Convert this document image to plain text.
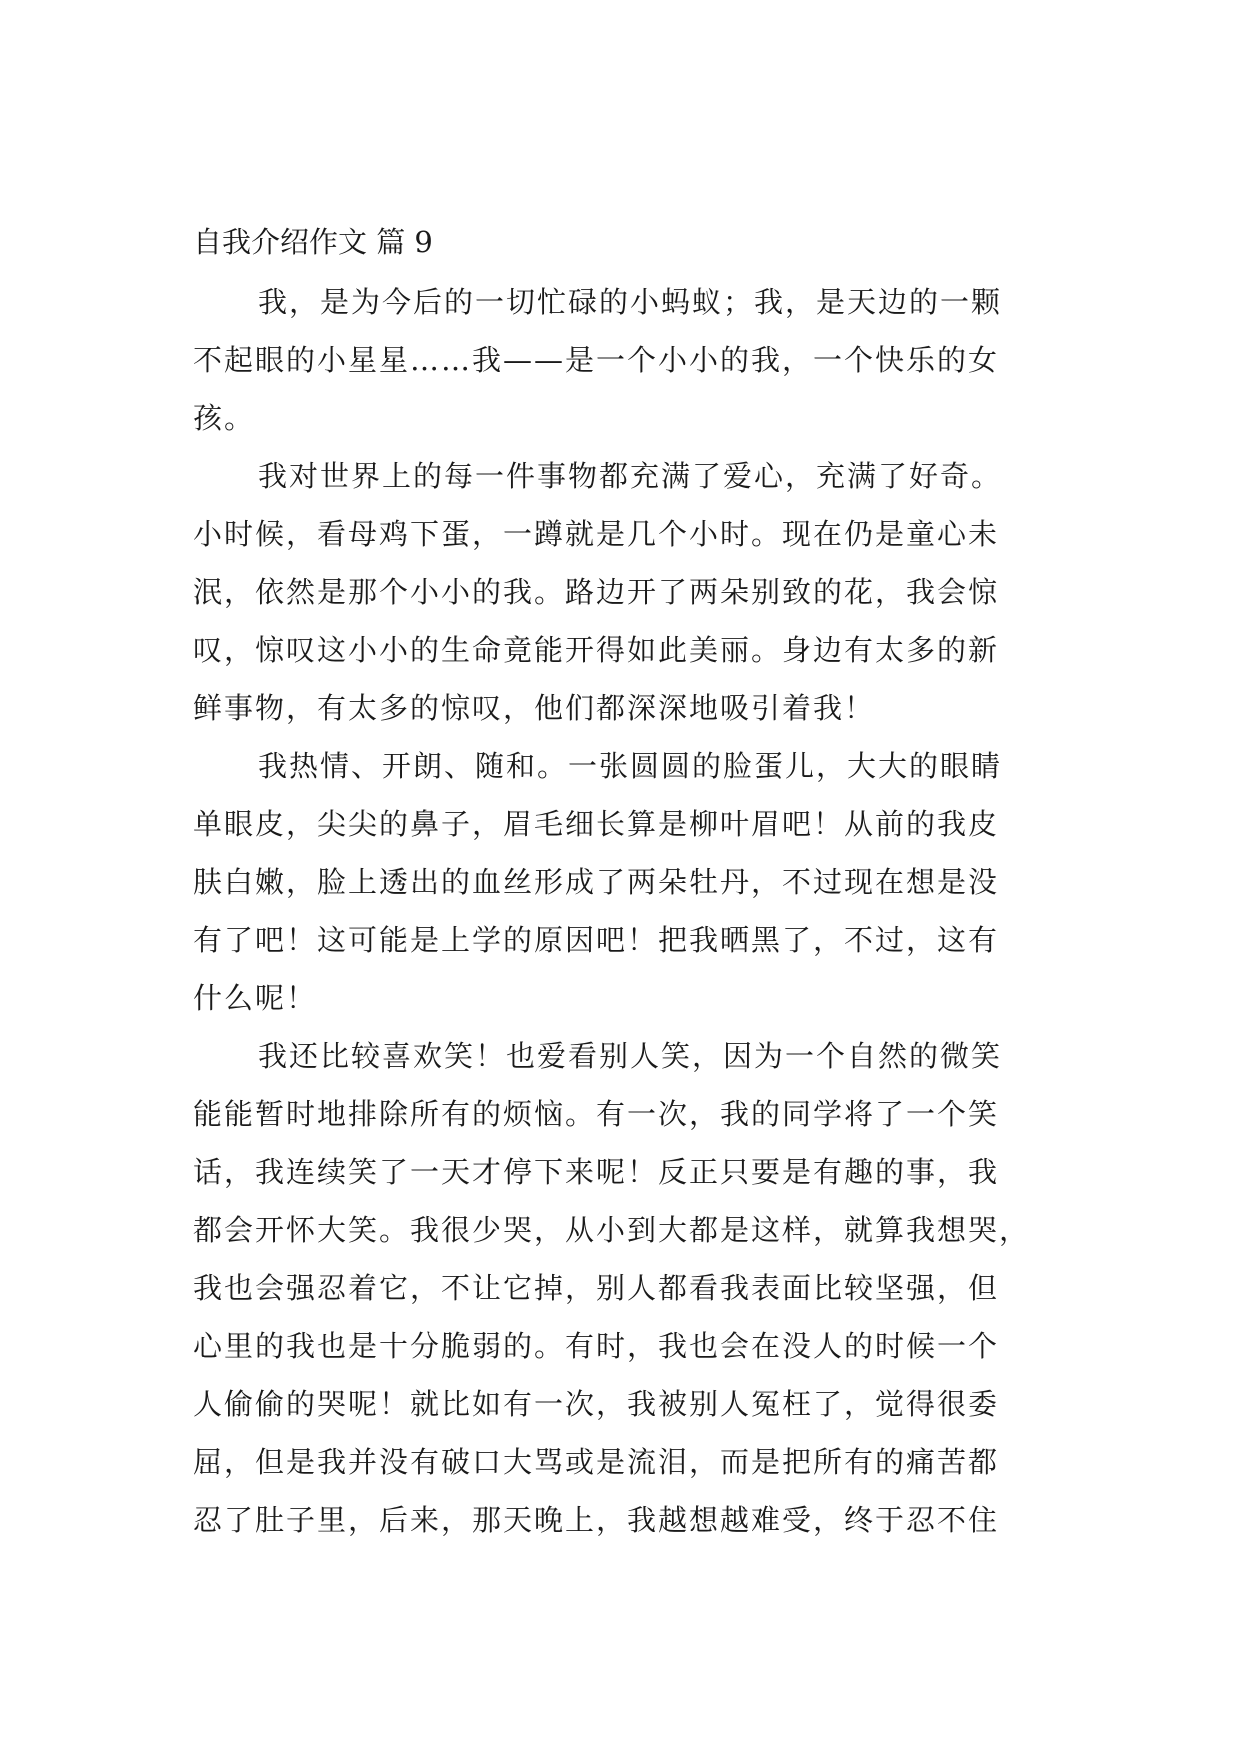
自我介绍作文 篇 9

我，是为今后的一切忙碌的小蚂蚁；我，是天边的一颗

不起眼的小星星……我——是一个小小的我，一个快乐的女

孩。

我对世界上的每一件事物都充满了爱心，充满了好奇。

小时候，看母鸡下蛋，一蹲就是几个小时。现在仍是童心未

泯，依然是那个小小的我。路边开了两朵别致的花，我会惊

叹，惊叹这小小的生命竟能开得如此美丽。身边有太多的新

鲜事物，有太多的惊叹，他们都深深地吸引着我！

我热情、开朗、随和。一张圆圆的脸蛋儿，大大的眼睛

单眼皮，尖尖的鼻子，眉毛细长算是柳叶眉吧！从前的我皮

肤白嫩，脸上透出的血丝形成了两朵牡丹，不过现在想是没

有了吧！这可能是上学的原因吧！把我晒黑了，不过，这有

什么呢！

我还比较喜欢笑！也爱看别人笑，因为一个自然的微笑

能能暂时地排除所有的烦恼。有一次，我的同学将了一个笑

话，我连续笑了一天才停下来呢！反正只要是有趣的事，我

都会开怀大笑。我很少哭，从小到大都是这样，就算我想哭，

我也会强忍着它，不让它掉，别人都看我表面比较坚强，但

心里的我也是十分脆弱的。有时，我也会在没人的时候一个

人偷偷的哭呢！就比如有一次，我被别人冤枉了，觉得很委

屈，但是我并没有破口大骂或是流泪，而是把所有的痛苦都

忍了肚子里，后来，那天晚上，我越想越难受，终于忍不住
